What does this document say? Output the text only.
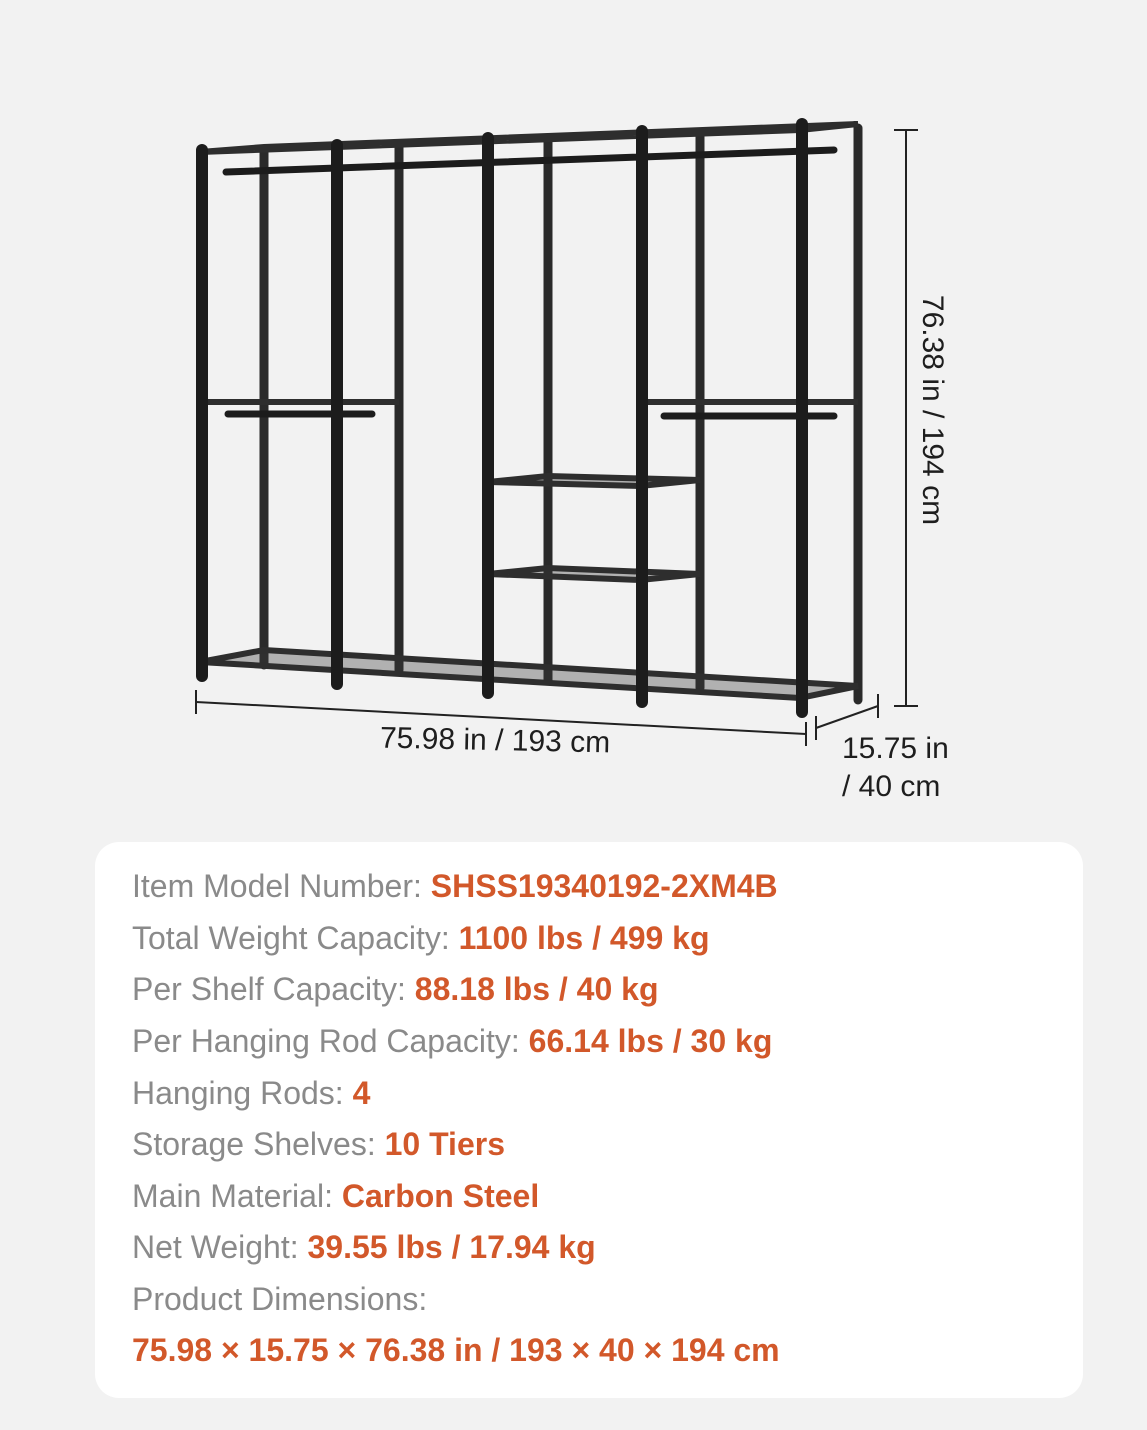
75.98 in / 193 cm	15.75 in
/ 40 cm
76.38 in / 194 cm
Item Model Number: SHSS19340192-2XM4B
Total Weight Capacity: 1100 lbs / 499 kg
Per Shelf Capacity: 88.18 lbs / 40 kg
Per Hanging Rod Capacity: 66.14 lbs / 30 kg
Hanging Rods: 4
Storage Shelves: 10 Tiers
Main Material: Carbon Steel
Net Weight: 39.55 lbs / 17.94 kg
Product Dimensions:
75.98 × 15.75 × 76.38 in / 193 × 40 × 194 cm
